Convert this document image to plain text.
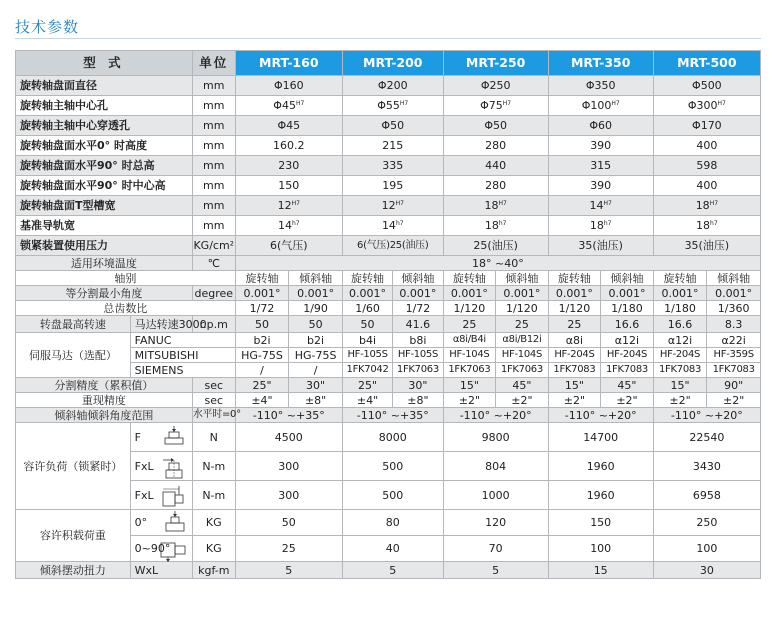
技术参数
型 式		单位	MRT-160		MRT-200		MRT-250		MRT-350		MRT-500	
旋转轴盘面直径		mm	Φ160		Φ200		Φ250		Φ350		Φ500	
旋转轴主轴中心孔		mm	$\Phi 45^{H7}$		$\Phi 55^{H7}$		$\Phi 75^{H7}$		$\Phi 100^{H7}$		$\Phi 300^{H7}$
旋转轴主轴中心穿透孔		mm	Φ45		Φ50		Φ50		Φ60		Φ170	
旋转轴盘面水平0° 时高度		mm	160.2		215		280		390		400	
旋转轴盘面水平90° 时总高		mm	230		335		440		315		598	
旋转轴盘面水平90° 时中心高		mm	150		195		280		390		400	
旋转轴盘面T型槽宽		mm	$12^{H7}$		$12^{H7}$		$18^{H7}$		$14^{H7}$		$18^{H7}$
基准导轨宽		mm	$14^{h7}$		$14^{h7}$		$18^{h7}$		$18^{h7}$		$18^{h7}$
锁紧装置使用压力		KG/cm²	6(气压)		6(气压)25(油压)		25(油压)		35(油压)		35(油压)	
适用环境温度		℃	18° ~40°									
轴别			旋转轴	倾斜轴	旋转轴	倾斜轴	旋转轴	倾斜轴	旋转轴	倾斜轴	旋转轴	倾斜轴
等分割最小角度		degree	0.001°	0.001°	0.001°	0.001°	0.001°	0.001°	0.001°	0.001°	0.001°	0.001°
总齿数比			1/72	1/90	1/60	1/72	1/120	1/120	1/120	1/180	1/180	1/360
转盘最高转速	马达转速3000	r.p.m	50	50	50	41.6	25	25	25	16.6	16.6	8.3
伺服马达（选配）	FANUC		b2i	b2i	b4i	b8i	α8i/B4i	α8i/B12i	α8i	α12i	α12i	α22i
	MITSUBISHI		HG-75S	HG-75S	HF-105S	HF-105S	HF-104S	HF-104S	HF-204S	HF-204S	HF-204S	HF-359S
	SIEMENS		/	/	1FK7042	1FK7063	1FK7063	1FK7063	1FK7083	1FK7083	1FK7083	1FK7083
分割精度（累积值）		sec	25"	30"	25"	30"	15"	45"	15"	45"	15"	90"
重现精度		sec	±4"	±8"	±4"	±8"	±2"	±2"	±2"	±2"	±2"	±2"
倾斜轴倾斜角度范围		水平时=0°	-110° ~+35°		-110° ~+35°		-110° ~+20°		-110° ~+20°		-110° ~+20°	
容许负荷（锁紧时）	F	N	4500		8000		9800		14700		22540	
	FxL	N-m	300		500		804		1960		3430	
	FxL	N-m	300		500		1000		1960		6958	
容许积载荷重	0°	KG	50		80		120		150		250	
	0~90°	KG	25		40		70		100		100	
倾斜摆动扭力	WxL	kgf-m	5		5		5		15		30	
